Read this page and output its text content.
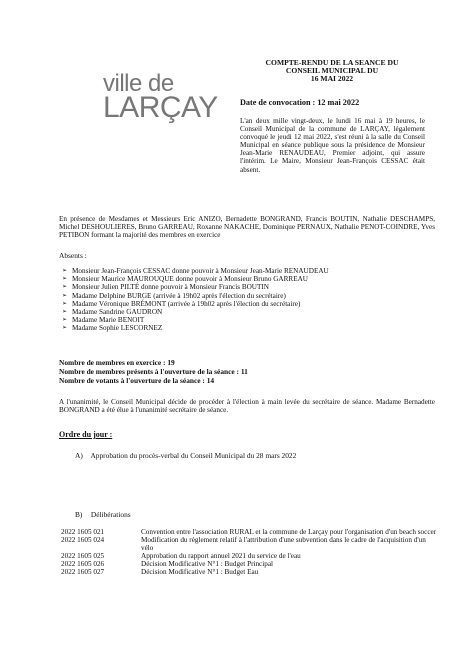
ville de
LARÇAY
COMPTE-RENDU DE LA SEANCE DU
CONSEIL MUNICIPAL DU
16 MAI 2022
Date de convocation : 12 mai 2022
L'an deux mille vingt-deux, le lundi 16 mai à 19 heures, le Conseil Municipal de la commune de LARÇAY, légalement convoqué le jeudi 12 mai 2022, s'est réuni à la salle du Conseil Municipal en séance publique sous la présidence de Monsieur Jean-Marie RENAUDEAU, Premier adjoint, qui assure l'intérim. Le Maire, Monsieur Jean-François CESSAC était absent.
En présence de Mesdames et Messieurs Eric ANIZO, Bernadette BONGRAND, Francis BOUTIN, Nathalie DESCHAMPS, Michel DESHOULIERES, Bruno GARREAU, Roxanne NAKACHE, Dominique PERNAUX, Nathalie PENOT-COINDRE, Yves PETIBON formant la majorité des membres en exercice
Absents :
➢ Monsieur Jean-François CESSAC donne pouvoir à Monsieur Jean-Marie RENAUDEAU
➢ Monsieur Maurice MAUROUQUE donne pouvoir à Monsieur Bruno GARREAU
➢ Monsieur Julien PILTÉ donne pouvoir à Monsieur Francis BOUTIN
➢ Madame Delphine BURGE (arrivée à 19h02 après l'élection du secrétaire)
➢ Madame Véronique BRÉMONT (arrivée à 19h02 après l'élection du secrétaire)
➢ Madame Sandrine GAUDRON
➢ Madame Marie BENOIT
➢ Madame Sophie LESCORNEZ
Nombre de membres en exercice : 19
Nombre de membres présents à l'ouverture de la séance : 11
Nombre de votants à l'ouverture de la séance : 14
A l'unanimité, le Conseil Municipal décide de procéder à l'élection à main levée du secrétaire de séance. Madame Bernadette BONGRAND a été élue à l'unanimité secrétaire de séance.
Ordre du jour :
A) Approbation du procès-verbal du Conseil Municipal du 28 mars 2022
B) Délibérations
2022 1605 021	Convention entre l'association RURAL et la commune de Larçay pour l'organisation d'un beach soccer
2022 1605 024	Modification du règlement relatif à l'attribution d'une subvention dans le cadre de l'acquisition d'un vélo
2022 1605 025	Approbation du rapport annuel 2021 du service de l'eau
2022 1605 026	Décision Modificative N°1 : Budget Principal
2022 1605 027	Décision Modificative N°1 : Budget Eau
